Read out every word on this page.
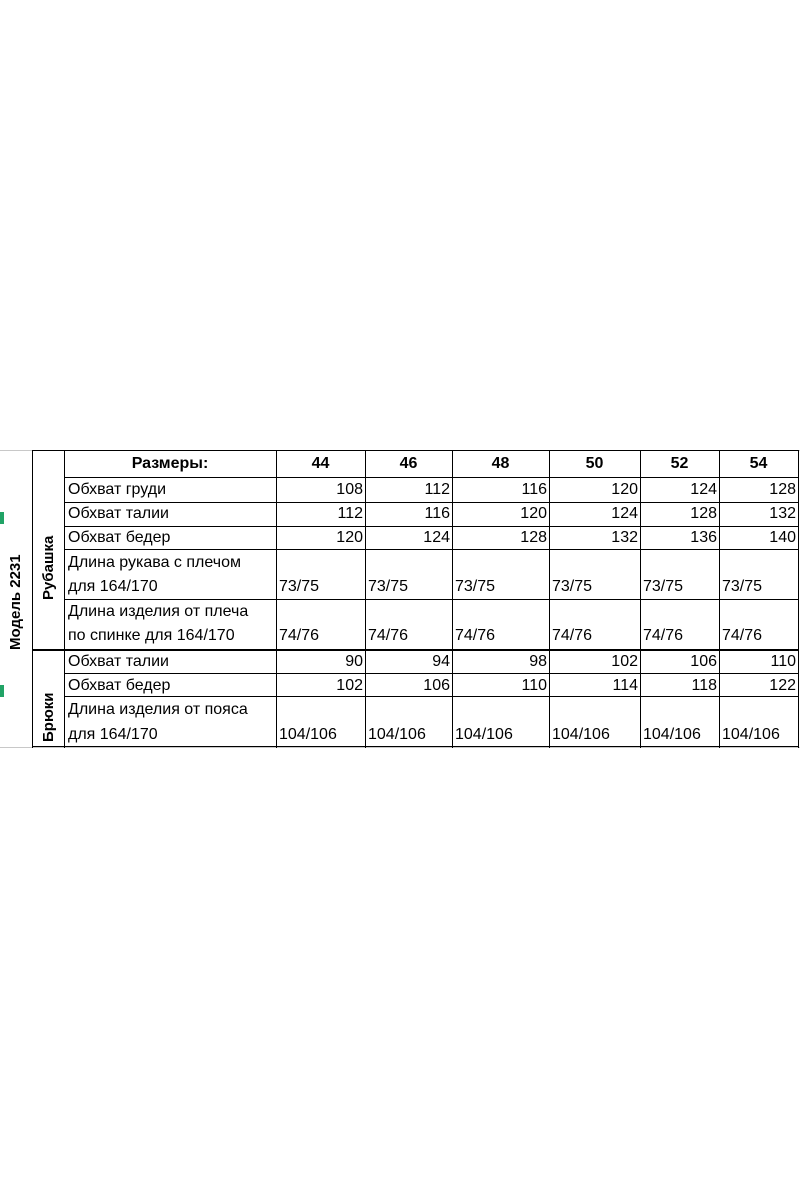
Модель 2231 Рубашка
Брюки
Размеры:	44	46	48	50	52	54
Обхват груди	108	112	116	120	124	128
Обхват талии	112	116	120	124	128	132
Обхват бедер	120	124	128	132	136	140
Длина рукава с плечом
для 164/170	73/75	73/75	73/75	73/75	73/75 73/75
Длина изделия от плеча
по спинке для 164/170	74/76	74/76	74/76	74/76	74/76 74/76
Обхват талии	90	94	98	102	106	110
Обхват бедер	102	106	110	114	118	122
Длина изделия от пояса
для 164/170	104/106 104/106 104/106 104/106 104/106 104/106
